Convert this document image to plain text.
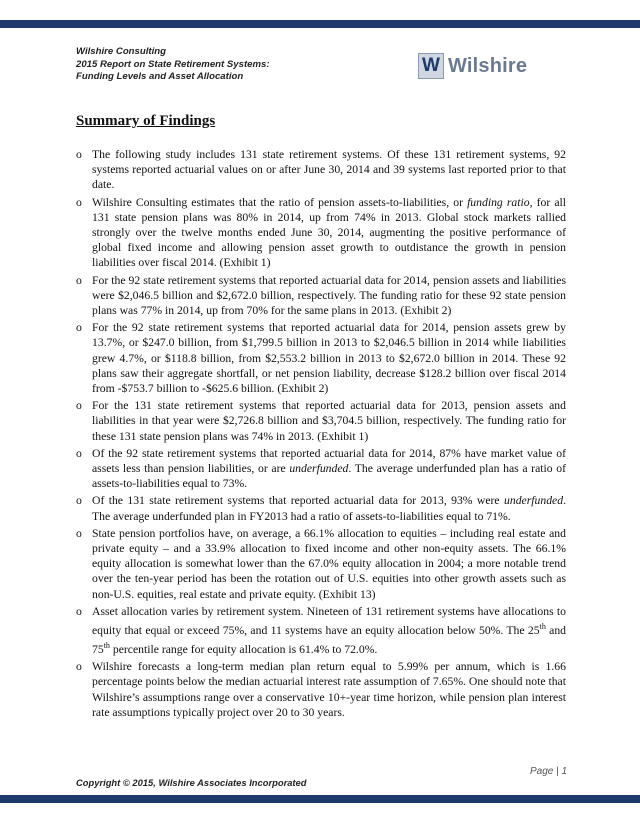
Wilshire Consulting
2015 Report on State Retirement Systems:
Funding Levels and Asset Allocation
W Wilshire
Summary of Findings
o The following study includes 131 state retirement systems. Of these 131 retirement systems, 92 systems reported actuarial values on or after June 30, 2014 and 39 systems last reported prior to that date.
o Wilshire Consulting estimates that the ratio of pension assets-to-liabilities, or funding ratio, for all 131 state pension plans was 80% in 2014, up from 74% in 2013. Global stock markets rallied strongly over the twelve months ended June 30, 2014, augmenting the positive performance of global fixed income and allowing pension asset growth to outdistance the growth in pension liabilities over fiscal 2014. (Exhibit 1)
o For the 92 state retirement systems that reported actuarial data for 2014, pension assets and liabilities were $2,046.5 billion and $2,672.0 billion, respectively. The funding ratio for these 92 state pension plans was 77% in 2014, up from 70% for the same plans in 2013. (Exhibit 2)
o For the 92 state retirement systems that reported actuarial data for 2014, pension assets grew by 13.7%, or $247.0 billion, from $1,799.5 billion in 2013 to $2,046.5 billion in 2014 while liabilities grew 4.7%, or $118.8 billion, from $2,553.2 billion in 2013 to $2,672.0 billion in 2014. These 92 plans saw their aggregate shortfall, or net pension liability, decrease $128.2 billion over fiscal 2014 from -$753.7 billion to -$625.6 billion. (Exhibit 2)
o For the 131 state retirement systems that reported actuarial data for 2013, pension assets and liabilities in that year were $2,726.8 billion and $3,704.5 billion, respectively. The funding ratio for these 131 state pension plans was 74% in 2013. (Exhibit 1)
o Of the 92 state retirement systems that reported actuarial data for 2014, 87% have market value of assets less than pension liabilities, or are underfunded. The average underfunded plan has a ratio of assets-to-liabilities equal to 73%.
o Of the 131 state retirement systems that reported actuarial data for 2013, 93% were underfunded. The average underfunded plan in FY2013 had a ratio of assets-to-liabilities equal to 71%.
o State pension portfolios have, on average, a 66.1% allocation to equities – including real estate and private equity – and a 33.9% allocation to fixed income and other non-equity assets. The 66.1% equity allocation is somewhat lower than the 67.0% equity allocation in 2004; a more notable trend over the ten-year period has been the rotation out of U.S. equities into other growth assets such as non-U.S. equities, real estate and private equity. (Exhibit 13)
o Asset allocation varies by retirement system. Nineteen of 131 retirement systems have allocations to equity that equal or exceed 75%, and 11 systems have an equity allocation below 50%. The 25th and 75th percentile range for equity allocation is 61.4% to 72.0%.
o Wilshire forecasts a long-term median plan return equal to 5.99% per annum, which is 1.66 percentage points below the median actuarial interest rate assumption of 7.65%. One should note that Wilshire’s assumptions range over a conservative 10+-year time horizon, while pension plan interest rate assumptions typically project over 20 to 30 years.
Page | 1
Copyright © 2015, Wilshire Associates Incorporated
